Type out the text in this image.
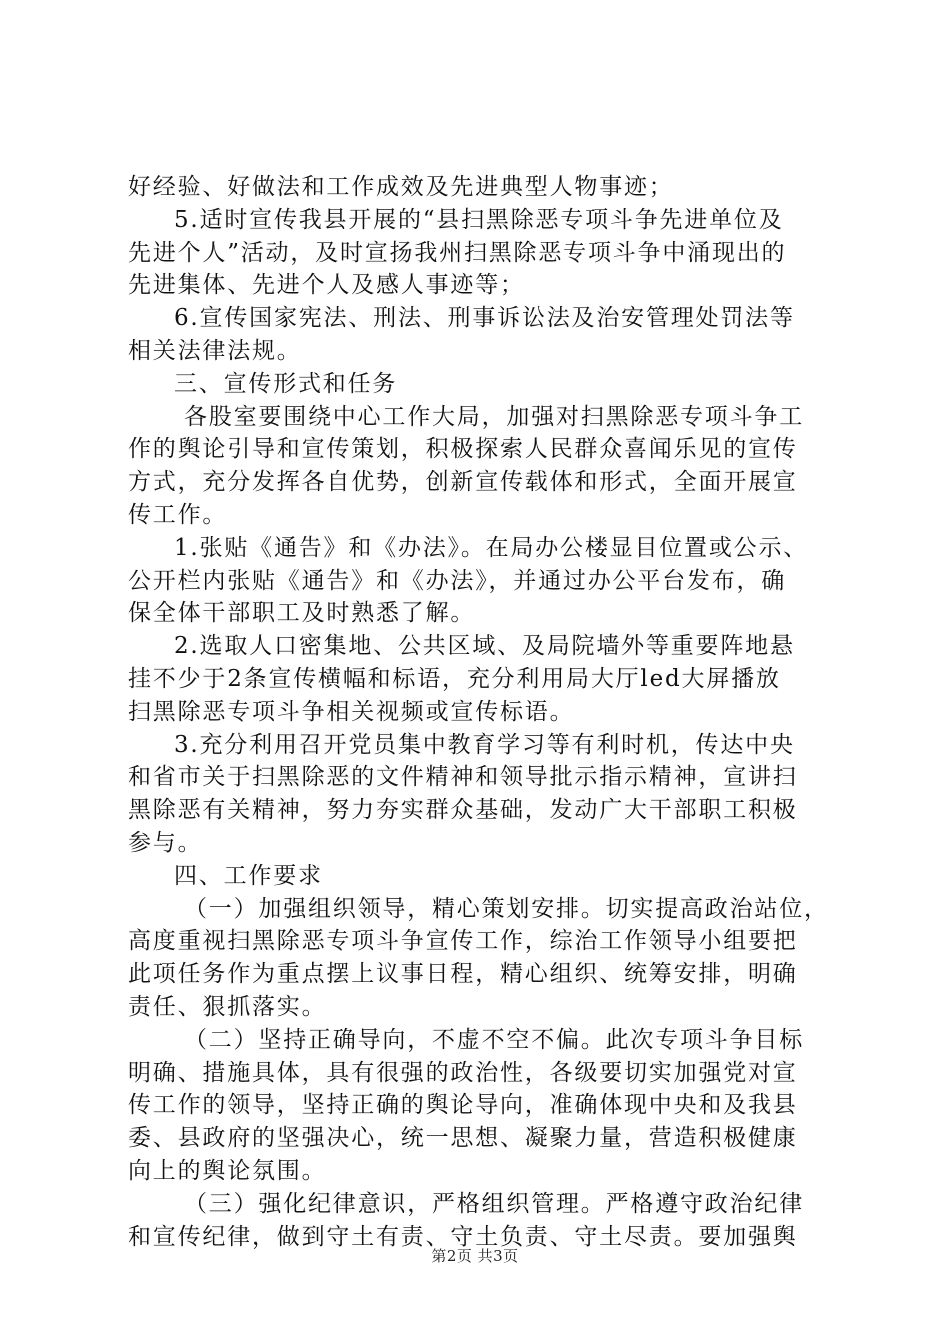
好经验、好做法和工作成效及先进典型人物事迹；
5.适时宣传我县开展的“县扫黑除恶专项斗争先进单位及
先进个人”活动，及时宣扬我州扫黑除恶专项斗争中涌现出的
先进集体、先进个人及感人事迹等；
6.宣传国家宪法、刑法、刑事诉讼法及治安管理处罚法等
相关法律法规。
三、宣传形式和任务
各股室要围绕中心工作大局，加强对扫黑除恶专项斗争工
作的舆论引导和宣传策划，积极探索人民群众喜闻乐见的宣传
方式，充分发挥各自优势，创新宣传载体和形式，全面开展宣
传工作。
1.张贴《通告》和《办法》。在局办公楼显目位置或公示、
公开栏内张贴《通告》和《办法》，并通过办公平台发布，确
保全体干部职工及时熟悉了解。
2.选取人口密集地、公共区域、及局院墙外等重要阵地悬
挂不少于2条宣传横幅和标语，充分利用局大厅led大屏播放
扫黑除恶专项斗争相关视频或宣传标语。
3.充分利用召开党员集中教育学习等有利时机，传达中央
和省市关于扫黑除恶的文件精神和领导批示指示精神，宣讲扫
黑除恶有关精神，努力夯实群众基础，发动广大干部职工积极
参与。
四、工作要求
（一）加强组织领导，精心策划安排。切实提高政治站位，
高度重视扫黑除恶专项斗争宣传工作，综治工作领导小组要把
此项任务作为重点摆上议事日程，精心组织、统筹安排，明确
责任、狠抓落实。
（二）坚持正确导向，不虚不空不偏。此次专项斗争目标
明确、措施具体，具有很强的政治性，各级要切实加强党对宣
传工作的领导，坚持正确的舆论导向，准确体现中央和及我县
委、县政府的坚强决心，统一思想、凝聚力量，营造积极健康
向上的舆论氛围。
（三）强化纪律意识，严格组织管理。严格遵守政治纪律
和宣传纪律，做到守土有责、守土负责、守土尽责。要加强舆
第2页 共3页
